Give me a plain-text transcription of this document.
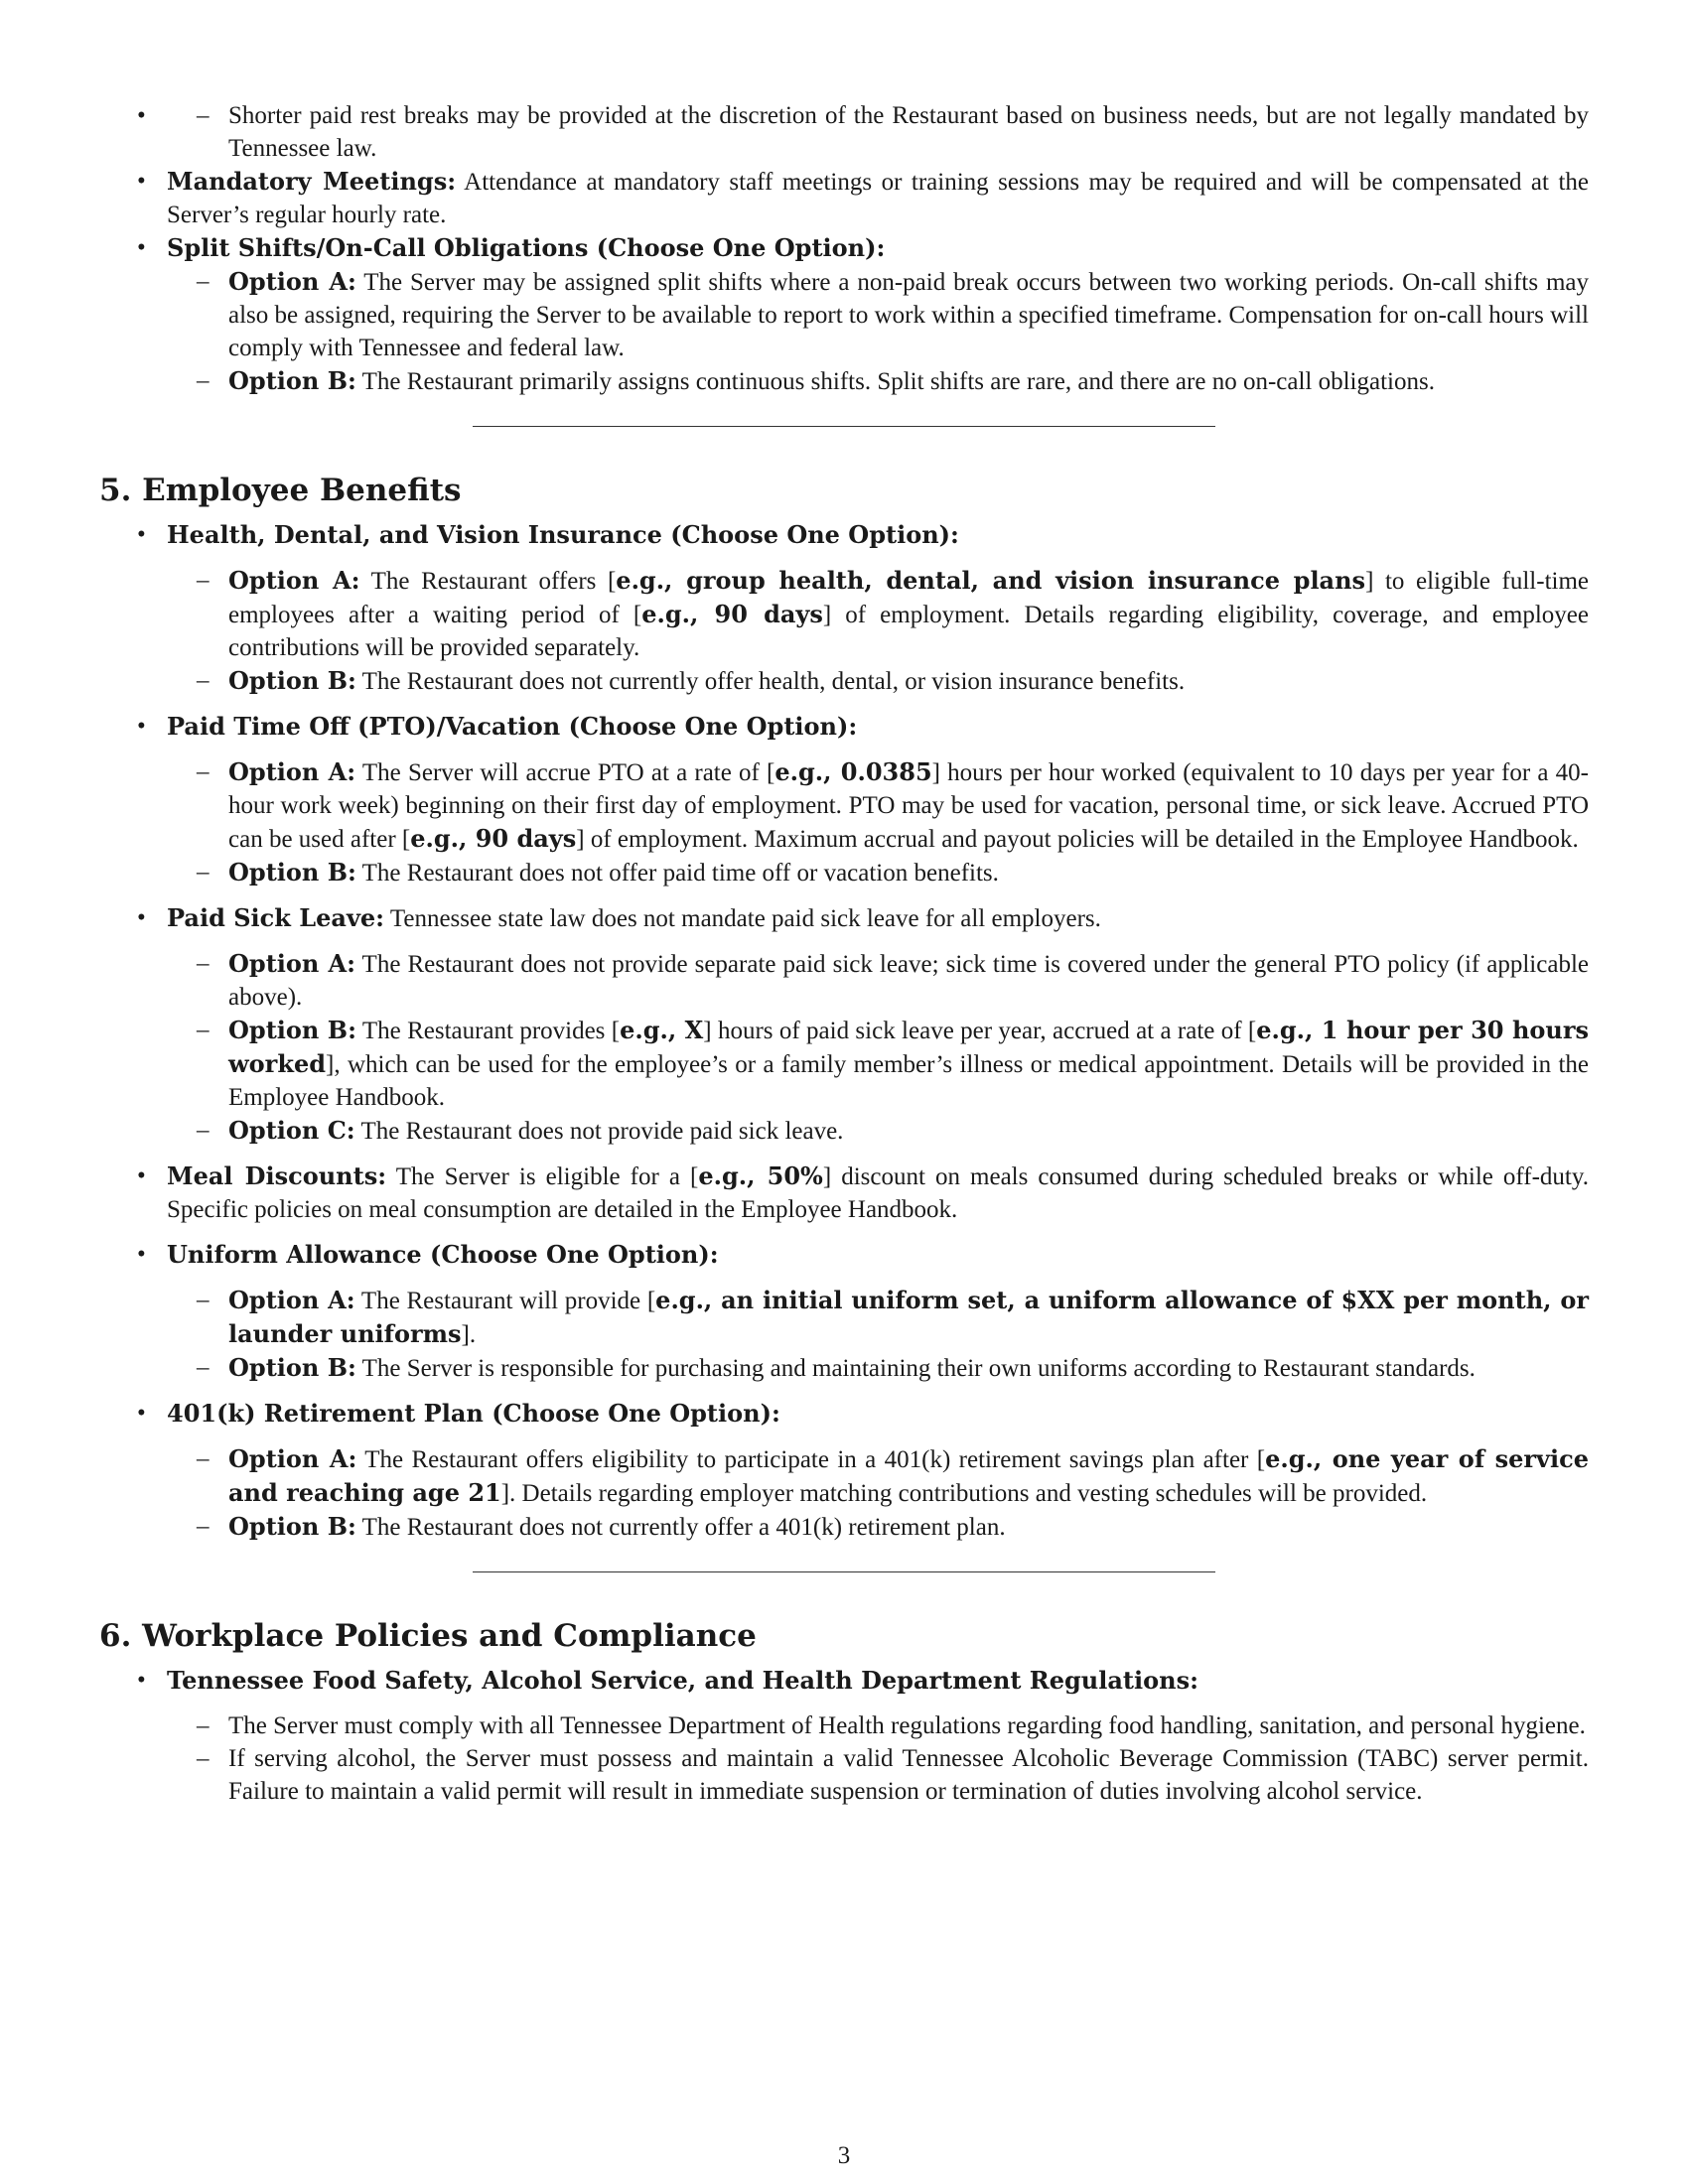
– • Shorter paid rest breaks may be provided at the discretion of the Restaurant based on business needs, but are not legally mandated by Tennessee law.
• Mandatory Meetings: Attendance at mandatory staff meetings or training sessions may be required and will be compensated at the Server’s regular hourly rate.
• Split Shifts/On-Call Obligations (Choose One Option):
– Option A: The Server may be assigned split shifts where a non-paid break occurs between two working periods. On-call shifts may also be assigned, requiring the Server to be available to report to work within a specified timeframe. Compensation for on-call hours will comply with Tennessee and federal law.
– Option B: The Restaurant primarily assigns continuous shifts. Split shifts are rare, and there are no on-call obligations.
5. Employee Benefits
• Health, Dental, and Vision Insurance (Choose One Option):
– Option A: The Restaurant offers [e.g., group health, dental, and vision insurance plans] to eligible full-time employees after a waiting period of [e.g., 90 days] of employment. Details regarding eligibility, coverage, and employee contributions will be provided separately.
– Option B: The Restaurant does not currently offer health, dental, or vision insurance benefits.
• Paid Time Off (PTO)/Vacation (Choose One Option):
– Option A: The Server will accrue PTO at a rate of [e.g., 0.0385] hours per hour worked (equivalent to 10 days per year for a 40-hour work week) beginning on their first day of employment. PTO may be used for vacation, personal time, or sick leave. Accrued PTO can be used after [e.g., 90 days] of employment. Maximum accrual and payout policies will be detailed in the Employee Handbook.
– Option B: The Restaurant does not offer paid time off or vacation benefits.
• Paid Sick Leave: Tennessee state law does not mandate paid sick leave for all employers.
– Option A: The Restaurant does not provide separate paid sick leave; sick time is covered under the general PTO policy (if applicable above).
– Option B: The Restaurant provides [e.g., X] hours of paid sick leave per year, accrued at a rate of [e.g., 1 hour per 30 hours worked], which can be used for the employee’s or a family member’s illness or medical appointment. Details will be provided in the Employee Handbook.
– Option C: The Restaurant does not provide paid sick leave.
• Meal Discounts: The Server is eligible for a [e.g., 50%] discount on meals consumed during scheduled breaks or while off-duty. Specific policies on meal consumption are detailed in the Employee Handbook.
• Uniform Allowance (Choose One Option):
– Option A: The Restaurant will provide [e.g., an initial uniform set, a uniform allowance of $XX per month, or launder uniforms].
– Option B: The Server is responsible for purchasing and maintaining their own uniforms according to Restaurant standards.
• 401(k) Retirement Plan (Choose One Option):
– Option A: The Restaurant offers eligibility to participate in a 401(k) retirement savings plan after [e.g., one year of service and reaching age 21]. Details regarding employer matching contributions and vesting schedules will be provided.
– Option B: The Restaurant does not currently offer a 401(k) retirement plan.
6. Workplace Policies and Compliance
• Tennessee Food Safety, Alcohol Service, and Health Department Regulations:
– The Server must comply with all Tennessee Department of Health regulations regarding food handling, sanitation, and personal hygiene.
– If serving alcohol, the Server must possess and maintain a valid Tennessee Alcoholic Beverage Commission (TABC) server permit. Failure to maintain a valid permit will result in immediate suspension or termination of duties involving alcohol service.
3
